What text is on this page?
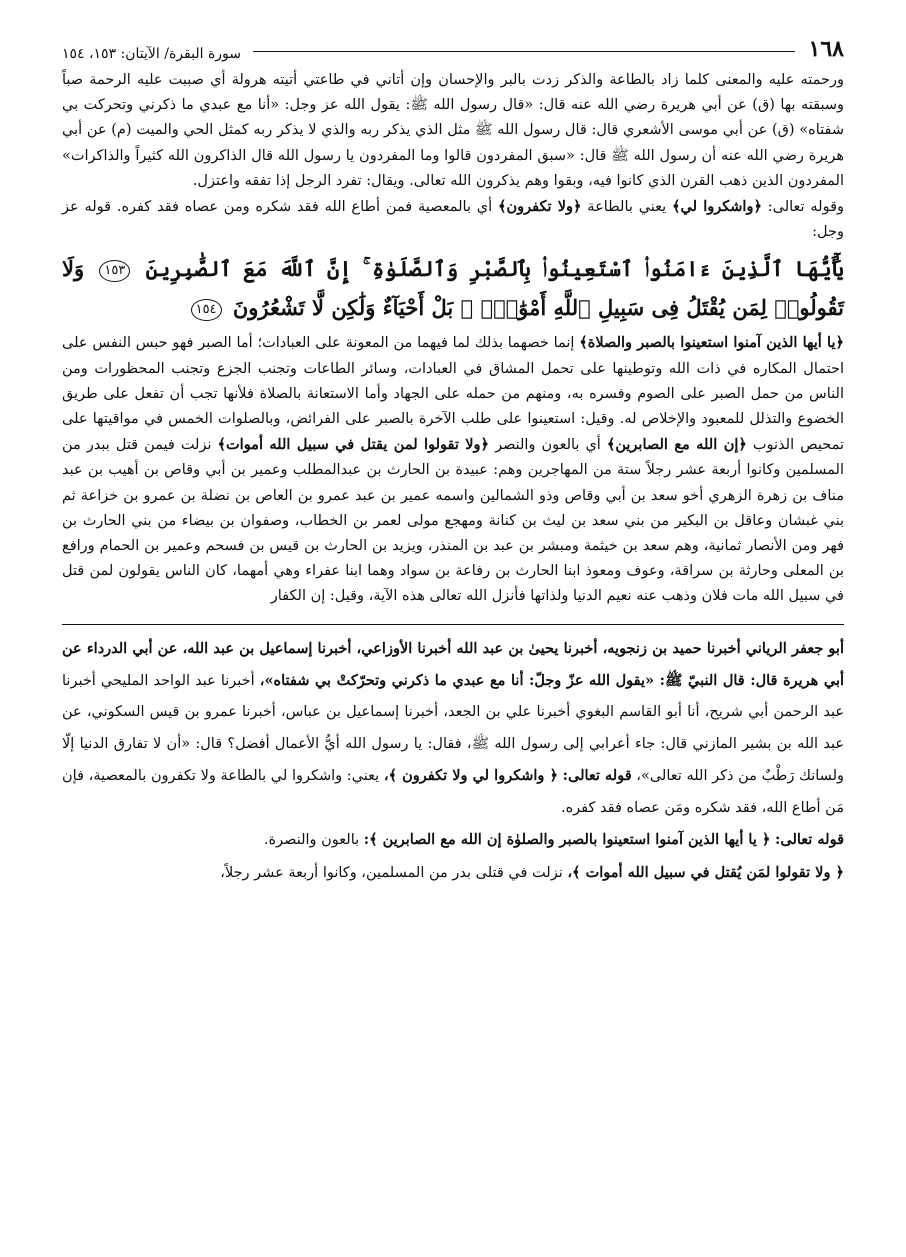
١٦٨
سورة البقرة/ الآيتان: ١٥٣، ١٥٤

ورحمته عليه والمعنى كلما زاد بالطاعة والذكر زدت بالبر والإحسان وإن أتاني في طاعتي أتيته هرولة أي صببت عليه الرحمة صباً وسبقته بها (ق) عن أبي هريرة رضي الله عنه قال: «قال رسول الله ﷺ: يقول الله عز وجل: «أنا مع عبدي ما ذكرني وتحركت بي شفتاه» (ق) عن أبي موسى الأشعري قال: قال رسول الله ﷺ مثل الذي يذكر ربه والذي لا يذكر ربه كمثل الحي والميت (م) عن أبي هريرة رضي الله عنه أن رسول الله ﷺ قال: «سبق المفردون قالوا وما المفردون يا رسول الله قال الذاكرون الله كثيراً والذاكرات» المفردون الذين ذهب القرن الذي كانوا فيه، وبقوا وهم يذكرون الله تعالى. ويقال: تفرد الرجل إذا تفقه واعتزل.

وقوله تعالى: ﴿واشكروا لي﴾ يعني بالطاعة ﴿ولا تكفرون﴾ أي بالمعصية فمن أطاع الله فقد شكره ومن عصاه فقد كفره. قوله عز وجل:

يَٰٓأَيُّهَا ٱلَّذِينَ ءَامَنُوا۟ ٱسْتَعِينُوا۟ بِٱلصَّبْرِ وَٱلصَّلَوٰةِ ۚ إِنَّ ٱللَّهَ مَعَ ٱلصَّٰبِرِينَ ١٥٣ وَلَا تَقُولُوا۟ لِمَن يُقْتَلُ فِى سَبِيلِ ٱللَّهِ أَمْوَٰتٌۢ ۚ بَلْ أَحْيَآءٌ وَلَٰكِن لَّا تَشْعُرُونَ ١٥٤

﴿يا أيها الذين آمنوا استعينوا بالصبر والصلاة﴾ إنما خصهما بذلك لما فيهما من المعونة على العبادات؛ أما الصبر فهو حبس النفس على احتمال المكاره في ذات الله وتوطينها على تحمل المشاق في العبادات، وسائر الطاعات وتجنب الجزع وتجنب المحظورات ومن الناس من حمل الصبر على الصوم وفسره به، ومنهم من حمله على الجهاد وأما الاستعانة بالصلاة فلأنها تجب أن تفعل على طريق الخضوع والتذلل للمعبود والإخلاص له. وقيل: استعينوا على طلب الآخرة بالصبر على الفرائض، وبالصلوات الخمس في مواقيتها على تمحيص الذنوب ﴿إن الله مع الصابرين﴾ أي بالعون والنصر ﴿ولا تقولوا لمن يقتل في سبيل الله أموات﴾ نزلت فيمن قتل ببدر من المسلمين وكانوا أربعة عشر رجلاً ستة من المهاجرين وهم: عبيدة بن الحارث بن عبدالمطلب وعمير بن أبي وقاص بن أهيب بن عبد مناف بن زهرة الزهري أخو سعد بن أبي وقاص وذو الشمالين واسمه عمير بن عبد عمرو بن العاص بن نضلة بن عمرو بن خزاعة ثم بني غبشان وعاقل بن البكير من بني سعد بن ليث بن كنانة ومهجع مولى لعمر بن الخطاب، وصفوان بن بيضاء من بني الحارث بن فهر ومن الأنصار ثمانية، وهم سعد بن خيثمة ومبشر بن عبد بن المنذر، ويزيد بن الحارث بن قيس بن فسحم وعمير بن الحمام ورافع بن المعلى وحارثة بن سراقة، وعوف ومعوذ ابنا الحارث بن رفاعة بن سواد وهما ابنا عفراء وهي أمهما، كان الناس يقولون لمن قتل في سبيل الله مات فلان وذهب عنه نعيم الدنيا ولذاتها فأنزل الله تعالى هذه الآية، وقيل: إن الكفار

أبو جعفر الرياني أخبرنا حميد بن زنجويه، أخبرنا يحيىٰ بن عبد الله أخبرنا الأوزاعي، أخبرنا إسماعيل بن عبد الله، عن أبي الدرداء عن أبي هريرة قال: قال النبيّ ﷺ: «يقول الله عزّ وجلّ: أنا مع عبدي ما ذكرني وتحرّكتْ بي شفتاه»، أخبرنا عبد الواحد المليحي أخبرنا عبد الرحمن أبي شريح، أنا أبو القاسم البغوي أخبرنا علي بن الجعد، أخبرنا إسماعيل بن عباس، أخبرنا عمرو بن قيس السكوني، عن عبد الله بن بشير المازني قال: جاء أعرابي إلى رسول الله ﷺ، فقال: يا رسول الله أيُّ الأعمال أفضل؟ قال: «أن لا تفارق الدنيا إلّا ولسانك رَطْبٌ من ذكر الله تعالى»، قوله تعالى: ﴿ واشكروا لي ولا تكفرون ﴾، يعني: واشكروا لي بالطاعة ولا تكفرون بالمعصية، فإن مَن أطاع الله، فقد شكره ومَن عصاه فقد كفره.

قوله تعالى: ﴿ يا أيها الذين آمنوا استعينوا بالصبر والصلوٰة إن الله مع الصابرين ﴾: بالعون والنصرة.

﴿ ولا تقولوا لمَن يُقتل في سبيل الله أموات ﴾، نزلت في قتلى بدر من المسلمين، وكانوا أربعة عشر رجلاً،
